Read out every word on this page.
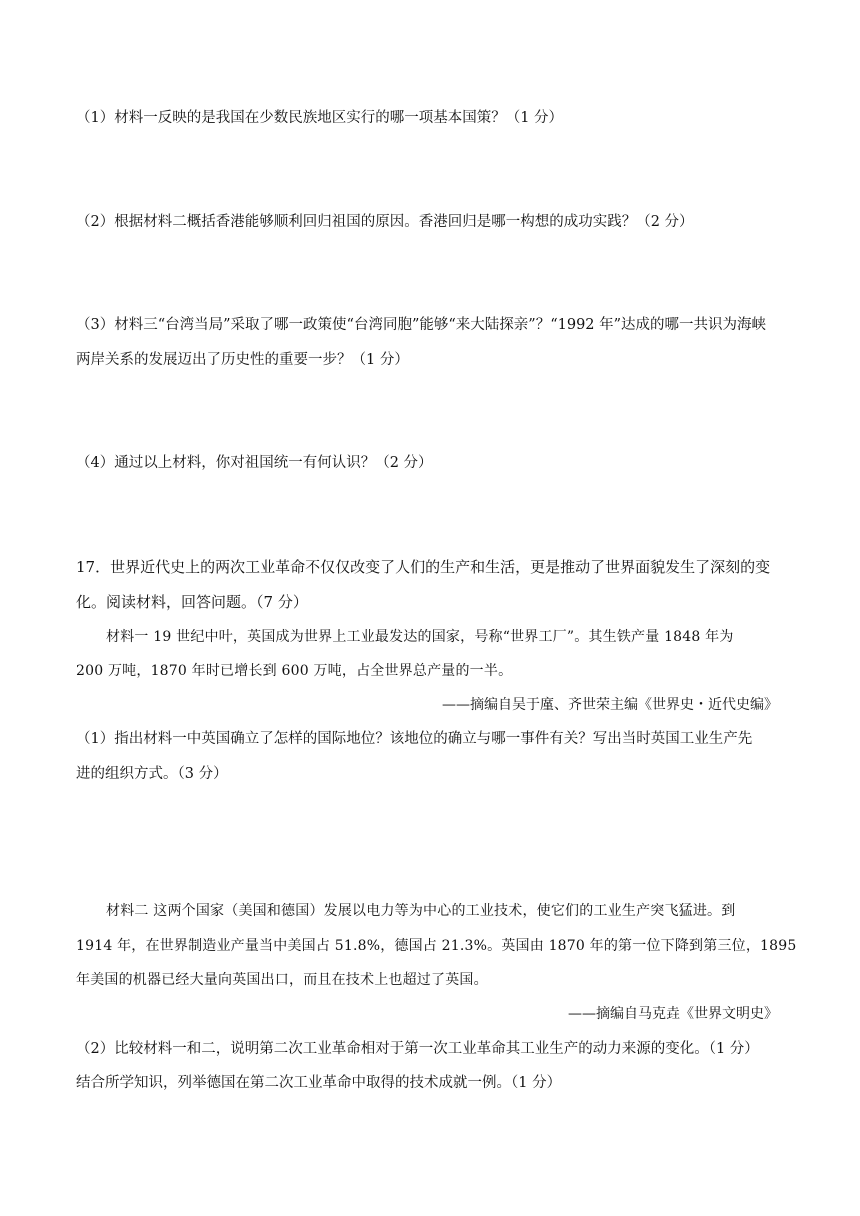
（1）材料一反映的是我国在少数民族地区实行的哪一项基本国策？（1 分）
（2）根据材料二概括香港能够顺利回归祖国的原因。香港回归是哪一构想的成功实践？（2 分）
（3）材料三“台湾当局”采取了哪一政策使“台湾同胞”能够“来大陆探亲”？“1992 年”达成的哪一共识为海峡
两岸关系的发展迈出了历史性的重要一步？（1 分）
（4）通过以上材料，你对祖国统一有何认识？（2 分）
17．世界近代史上的两次工业革命不仅仅改变了人们的生产和生活，更是推动了世界面貌发生了深刻的变
化。阅读材料，回答问题。（7 分）
材料一 19 世纪中叶，英国成为世界上工业最发达的国家，号称“世界工厂”。其生铁产量 1848 年为
200 万吨，1870 年时已增长到 600 万吨，占全世界总产量的一半。
——摘编自吴于廑、齐世荣主编《世界史・近代史编》
（1）指出材料一中英国确立了怎样的国际地位？该地位的确立与哪一事件有关？写出当时英国工业生产先
进的组织方式。（3 分）
材料二 这两个国家（美国和德国）发展以电力等为中心的工业技术，使它们的工业生产突飞猛进。到
1914 年，在世界制造业产量当中美国占 51.8%，德国占 21.3%。英国由 1870 年的第一位下降到第三位，1895
年美国的机器已经大量向英国出口，而且在技术上也超过了英国。
——摘编自马克垚《世界文明史》
（2）比较材料一和二，说明第二次工业革命相对于第一次工业革命其工业生产的动力来源的变化。（1 分）
结合所学知识，列举德国在第二次工业革命中取得的技术成就一例。（1 分）
